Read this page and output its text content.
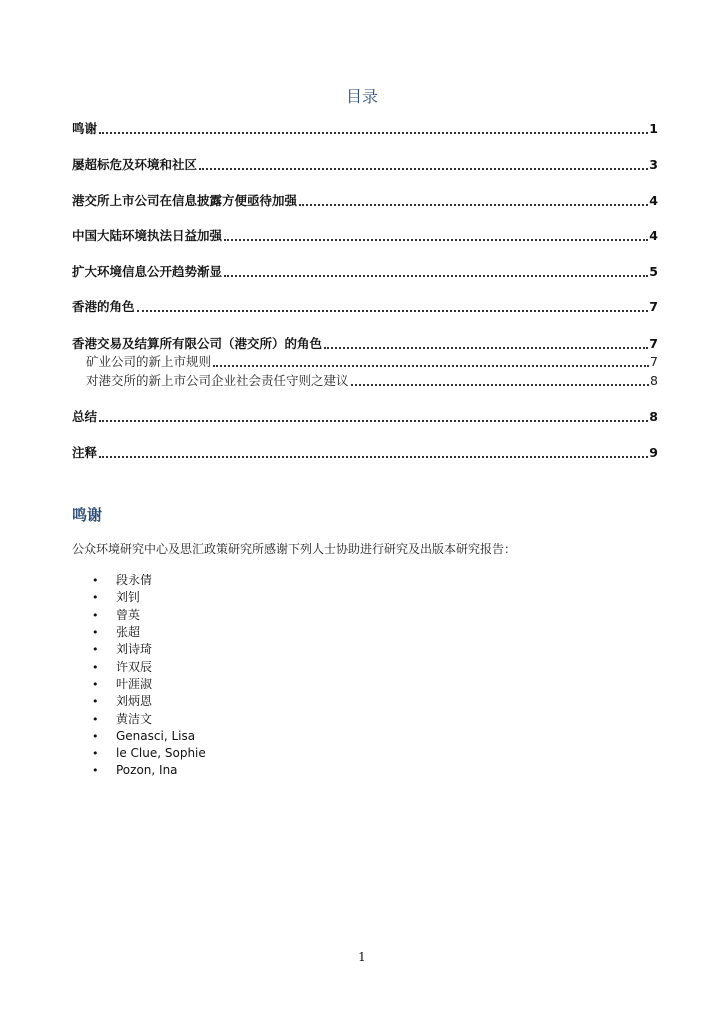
目录
鸣谢	1
屡超标危及环境和社区	3
港交所上市公司在信息披露方便亟待加强	4
中国大陆环境执法日益加强	4
扩大环境信息公开趋势渐显	5
香港的角色	7
香港交易及结算所有限公司（港交所）的角色	7
矿业公司的新上市规则	7
对港交所的新上市公司企业社会责任守则之建议	8
总结	8
注释	9
鸣谢
公众环境研究中心及思汇政策研究所感谢下列人士协助进行研究及出版本研究报告：
•	段永倩
•	刘钊
•	曾英
•	张超
•	刘诗琦
•	许双辰
•	叶涯淑
•	刘炳恩
•	黄洁文
•	Genasci, Lisa
•	le Clue, Sophie
•	Pozon, Ina
1
